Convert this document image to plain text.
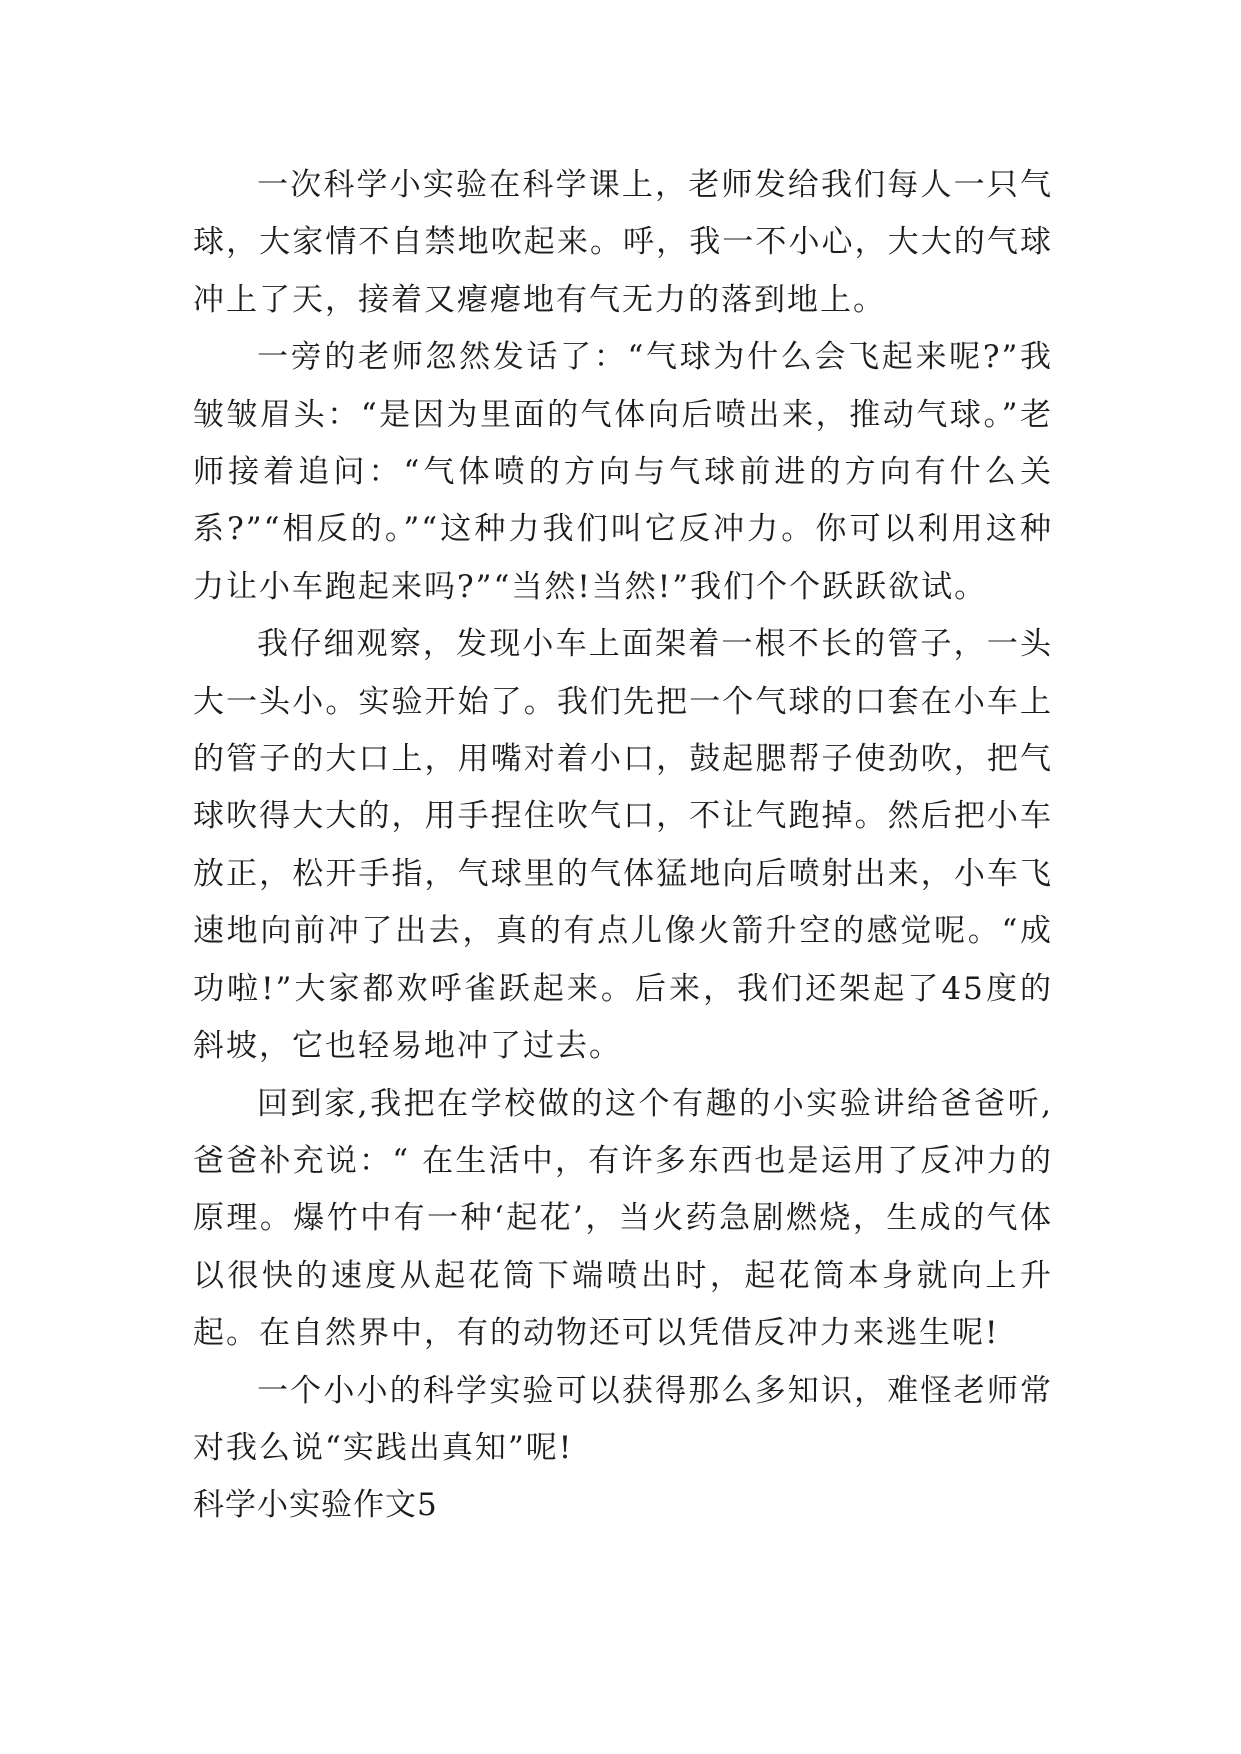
一次科学小实验在科学课上，老师发给我们每人一只气球，大家情不自禁地吹起来。呼，我一不小心，大大的气球冲上了天，接着又瘪瘪地有气无力的落到地上。

一旁的老师忽然发话了：“气球为什么会飞起来呢?”我皱皱眉头：“是因为里面的气体向后喷出来，推动气球。”老师接着追问：“气体喷的方向与气球前进的方向有什么关系?”“相反的。”“这种力我们叫它反冲力。你可以利用这种力让小车跑起来吗?”“当然!当然!”我们个个跃跃欲试。

我仔细观察，发现小车上面架着一根不长的管子，一头大一头小。实验开始了。我们先把一个气球的口套在小车上的管子的大口上，用嘴对着小口，鼓起腮帮子使劲吹，把气球吹得大大的，用手捏住吹气口，不让气跑掉。然后把小车放正，松开手指，气球里的气体猛地向后喷射出来，小车飞速地向前冲了出去，真的有点儿像火箭升空的感觉呢。“成功啦!”大家都欢呼雀跃起来。后来，我们还架起了45度的斜坡，它也轻易地冲了过去。

回到家,我把在学校做的这个有趣的小实验讲给爸爸听,爸爸补充说：“ 在生活中，有许多东西也是运用了反冲力的原理。爆竹中有一种‘起花’，当火药急剧燃烧，生成的气体以很快的速度从起花筒下端喷出时，起花筒本身就向上升起。在自然界中，有的动物还可以凭借反冲力来逃生呢!

一个小小的科学实验可以获得那么多知识，难怪老师常对我么说“实践出真知”呢!

科学小实验作文5
